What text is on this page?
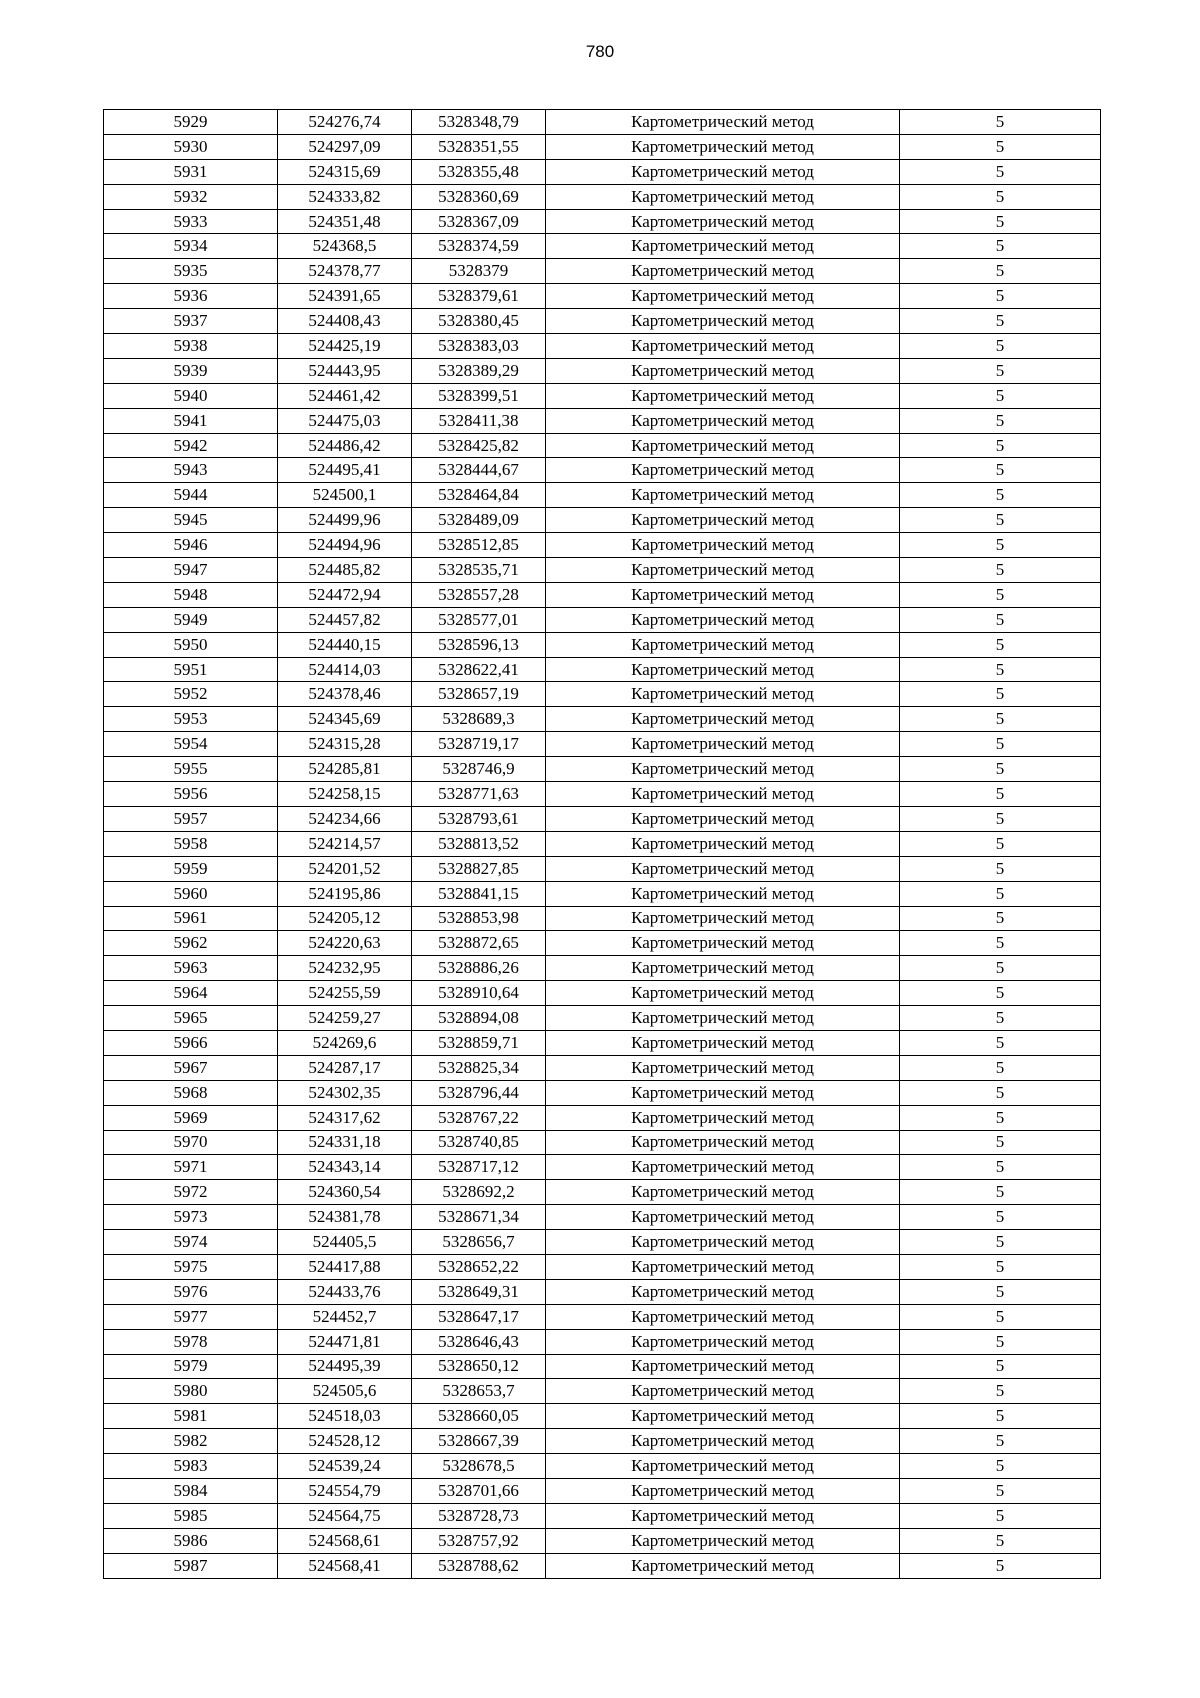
780
5929	524276,74	5328348,79	Картометрический метод	5
5930	524297,09	5328351,55	Картометрический метод	5
5931	524315,69	5328355,48	Картометрический метод	5
5932	524333,82	5328360,69	Картометрический метод	5
5933	524351,48	5328367,09	Картометрический метод	5
5934	524368,5	5328374,59	Картометрический метод	5
5935	524378,77	5328379	Картометрический метод	5
5936	524391,65	5328379,61	Картометрический метод	5
5937	524408,43	5328380,45	Картометрический метод	5
5938	524425,19	5328383,03	Картометрический метод	5
5939	524443,95	5328389,29	Картометрический метод	5
5940	524461,42	5328399,51	Картометрический метод	5
5941	524475,03	5328411,38	Картометрический метод	5
5942	524486,42	5328425,82	Картометрический метод	5
5943	524495,41	5328444,67	Картометрический метод	5
5944	524500,1	5328464,84	Картометрический метод	5
5945	524499,96	5328489,09	Картометрический метод	5
5946	524494,96	5328512,85	Картометрический метод	5
5947	524485,82	5328535,71	Картометрический метод	5
5948	524472,94	5328557,28	Картометрический метод	5
5949	524457,82	5328577,01	Картометрический метод	5
5950	524440,15	5328596,13	Картометрический метод	5
5951	524414,03	5328622,41	Картометрический метод	5
5952	524378,46	5328657,19	Картометрический метод	5
5953	524345,69	5328689,3	Картометрический метод	5
5954	524315,28	5328719,17	Картометрический метод	5
5955	524285,81	5328746,9	Картометрический метод	5
5956	524258,15	5328771,63	Картометрический метод	5
5957	524234,66	5328793,61	Картометрический метод	5
5958	524214,57	5328813,52	Картометрический метод	5
5959	524201,52	5328827,85	Картометрический метод	5
5960	524195,86	5328841,15	Картометрический метод	5
5961	524205,12	5328853,98	Картометрический метод	5
5962	524220,63	5328872,65	Картометрический метод	5
5963	524232,95	5328886,26	Картометрический метод	5
5964	524255,59	5328910,64	Картометрический метод	5
5965	524259,27	5328894,08	Картометрический метод	5
5966	524269,6	5328859,71	Картометрический метод	5
5967	524287,17	5328825,34	Картометрический метод	5
5968	524302,35	5328796,44	Картометрический метод	5
5969	524317,62	5328767,22	Картометрический метод	5
5970	524331,18	5328740,85	Картометрический метод	5
5971	524343,14	5328717,12	Картометрический метод	5
5972	524360,54	5328692,2	Картометрический метод	5
5973	524381,78	5328671,34	Картометрический метод	5
5974	524405,5	5328656,7	Картометрический метод	5
5975	524417,88	5328652,22	Картометрический метод	5
5976	524433,76	5328649,31	Картометрический метод	5
5977	524452,7	5328647,17	Картометрический метод	5
5978	524471,81	5328646,43	Картометрический метод	5
5979	524495,39	5328650,12	Картометрический метод	5
5980	524505,6	5328653,7	Картометрический метод	5
5981	524518,03	5328660,05	Картометрический метод	5
5982	524528,12	5328667,39	Картометрический метод	5
5983	524539,24	5328678,5	Картометрический метод	5
5984	524554,79	5328701,66	Картометрический метод	5
5985	524564,75	5328728,73	Картометрический метод	5
5986	524568,61	5328757,92	Картометрический метод	5
5987	524568,41	5328788,62	Картометрический метод	5
